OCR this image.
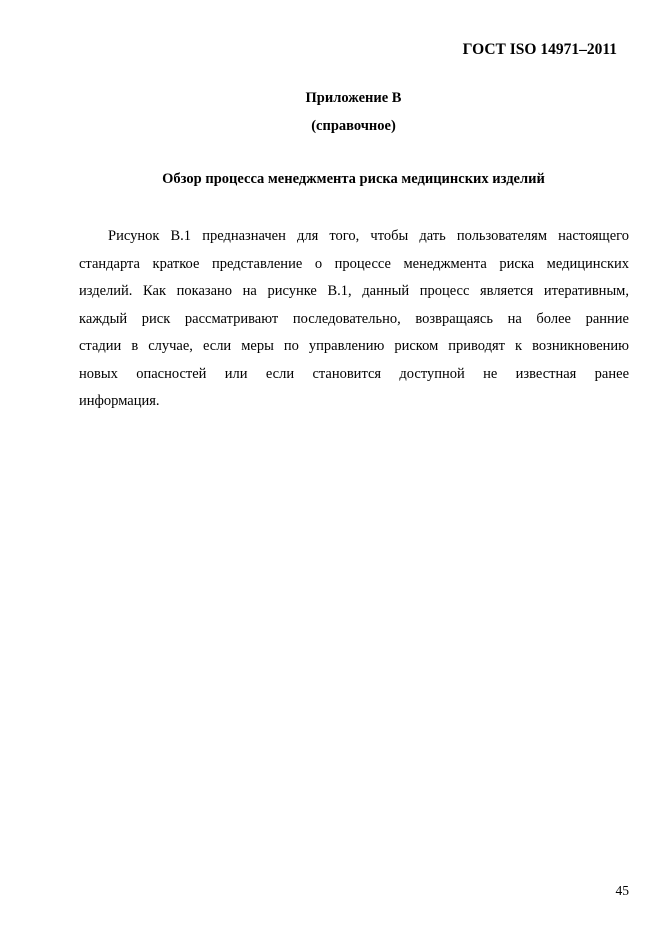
ГОСТ ISO 14971–2011
Приложение В
(справочное)
Обзор процесса менеджмента риска медицинских изделий
Рисунок В.1 предназначен для того, чтобы дать пользователям настоящего
стандарта краткое представление о процессе менеджмента риска медицинских
изделий. Как показано на рисунке В.1, данный процесс является итеративным,
каждый риск рассматривают последовательно, возвращаясь на более ранние
стадии в случае, если меры по управлению риском приводят к возникновению
новых опасностей или если становится доступной не известная ранее
информация.
45
